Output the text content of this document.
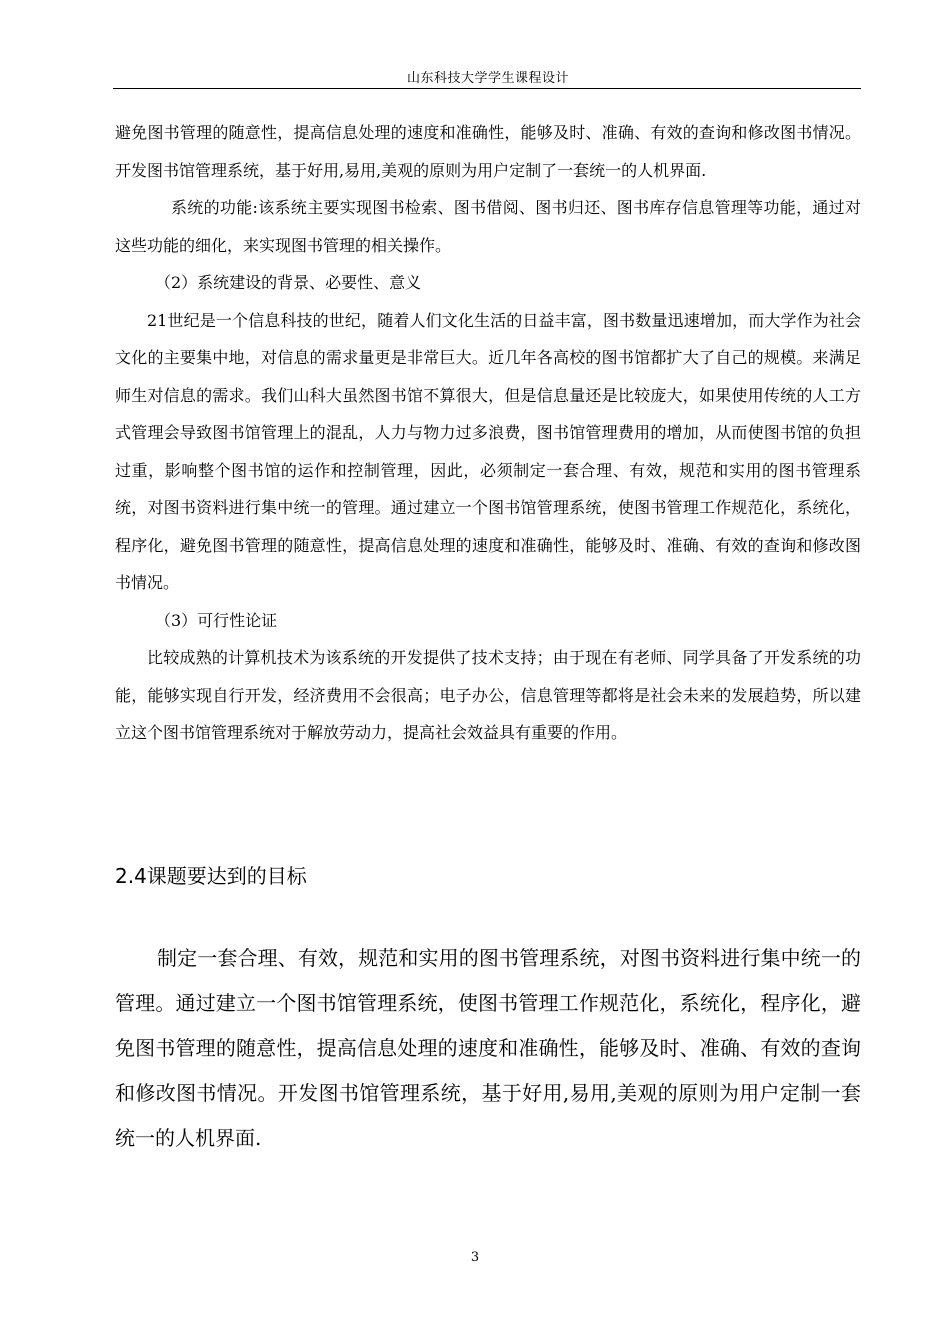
山东科技大学学生课程设计

避免图书管理的随意性，提高信息处理的速度和准确性，能够及时、准确、有效的查询和修改图书情况。开发图书馆管理系统，基于好用,易用,美观的原则为用户定制了一套统一的人机界面.

系统的功能:该系统主要实现图书检索、图书借阅、图书归还、图书库存信息管理等功能，通过对这些功能的细化，来实现图书管理的相关操作。

（2）系统建设的背景、必要性、意义

21世纪是一个信息科技的世纪，随着人们文化生活的日益丰富，图书数量迅速增加，而大学作为社会文化的主要集中地，对信息的需求量更是非常巨大。近几年各高校的图书馆都扩大了自己的规模。来满足师生对信息的需求。我们山科大虽然图书馆不算很大，但是信息量还是比较庞大，如果使用传统的人工方式管理会导致图书馆管理上的混乱，人力与物力过多浪费，图书馆管理费用的增加，从而使图书馆的负担过重，影响整个图书馆的运作和控制管理，因此，必须制定一套合理、有效，规范和实用的图书管理系统，对图书资料进行集中统一的管理。通过建立一个图书馆管理系统，使图书管理工作规范化，系统化，程序化，避免图书管理的随意性，提高信息处理的速度和准确性，能够及时、准确、有效的查询和修改图书情况。

（3）可行性论证

比较成熟的计算机技术为该系统的开发提供了技术支持；由于现在有老师、同学具备了开发系统的功能，能够实现自行开发，经济费用不会很高；电子办公，信息管理等都将是社会未来的发展趋势，所以建立这个图书馆管理系统对于解放劳动力，提高社会效益具有重要的作用。

2.4课题要达到的目标

制定一套合理、有效，规范和实用的图书管理系统，对图书资料进行集中统一的管理。通过建立一个图书馆管理系统，使图书管理工作规范化，系统化，程序化，避免图书管理的随意性，提高信息处理的速度和准确性，能够及时、准确、有效的查询和修改图书情况。开发图书馆管理系统，基于好用,易用,美观的原则为用户定制一套统一的人机界面.

3
